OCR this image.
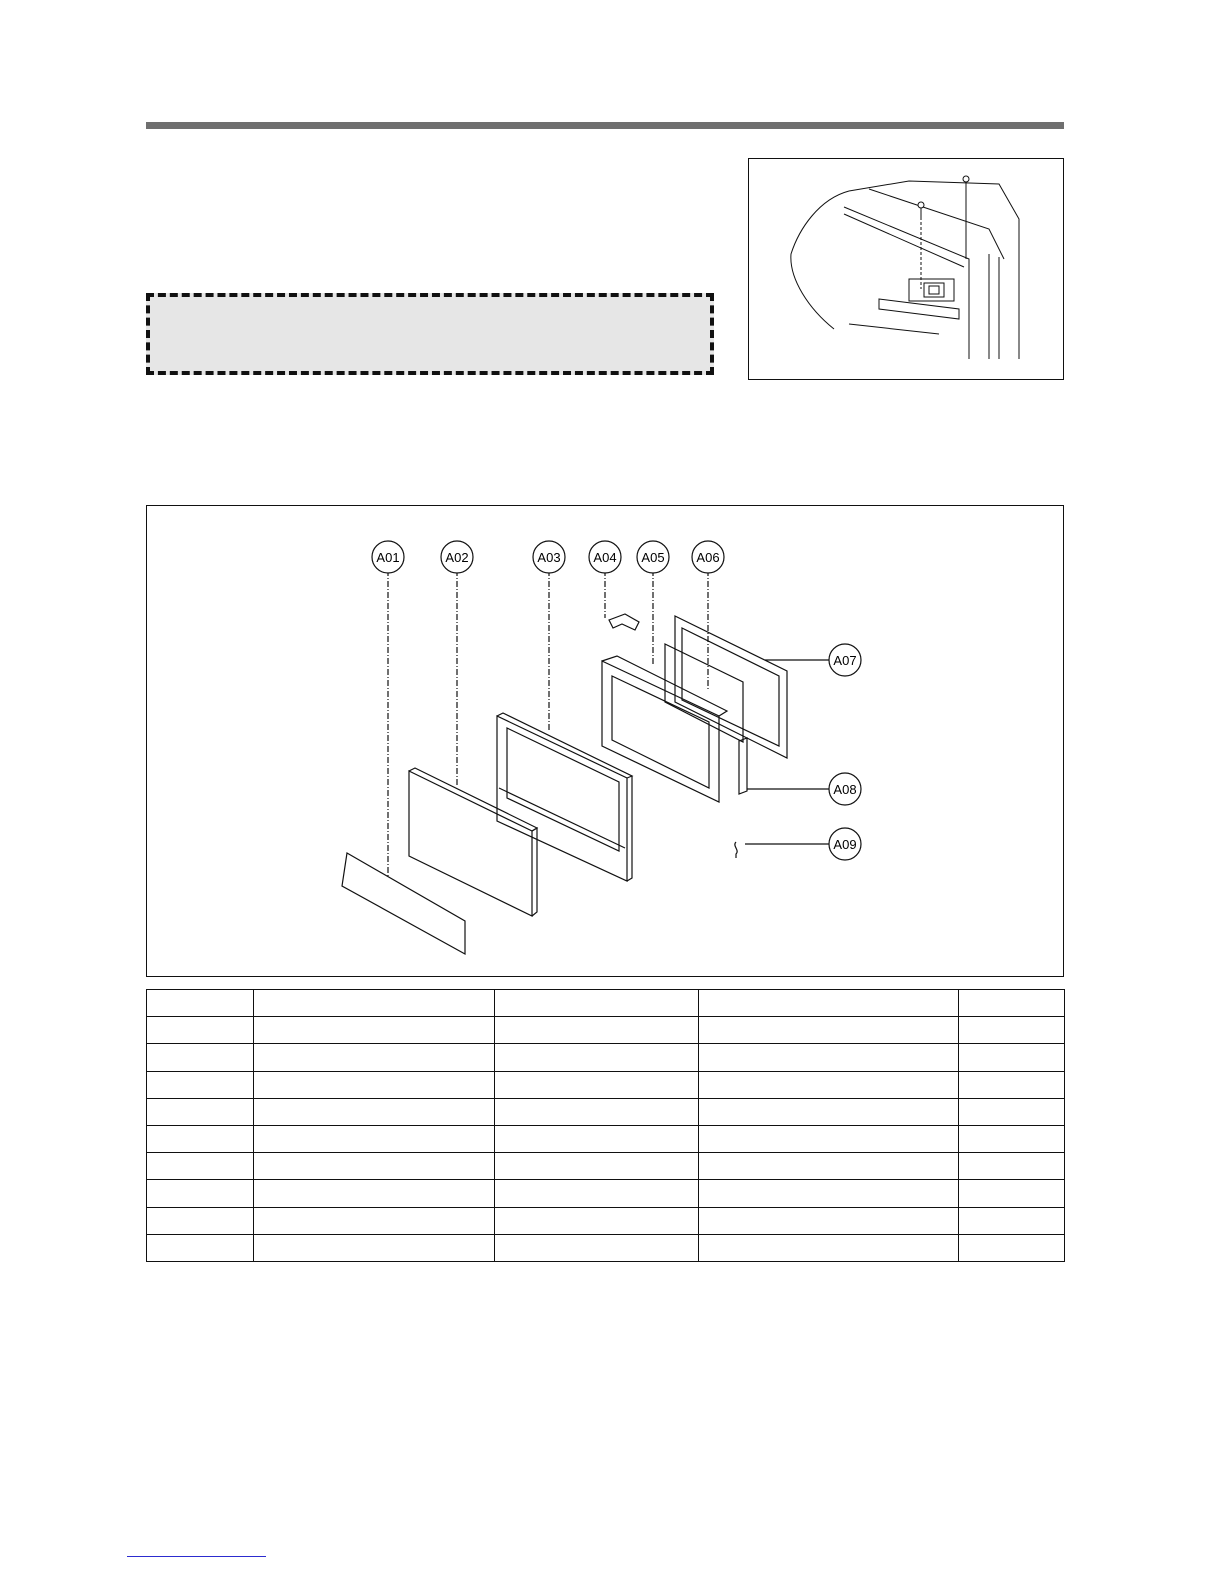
A01	A02	A03	A04 A05 A06
A07
A08
A09
